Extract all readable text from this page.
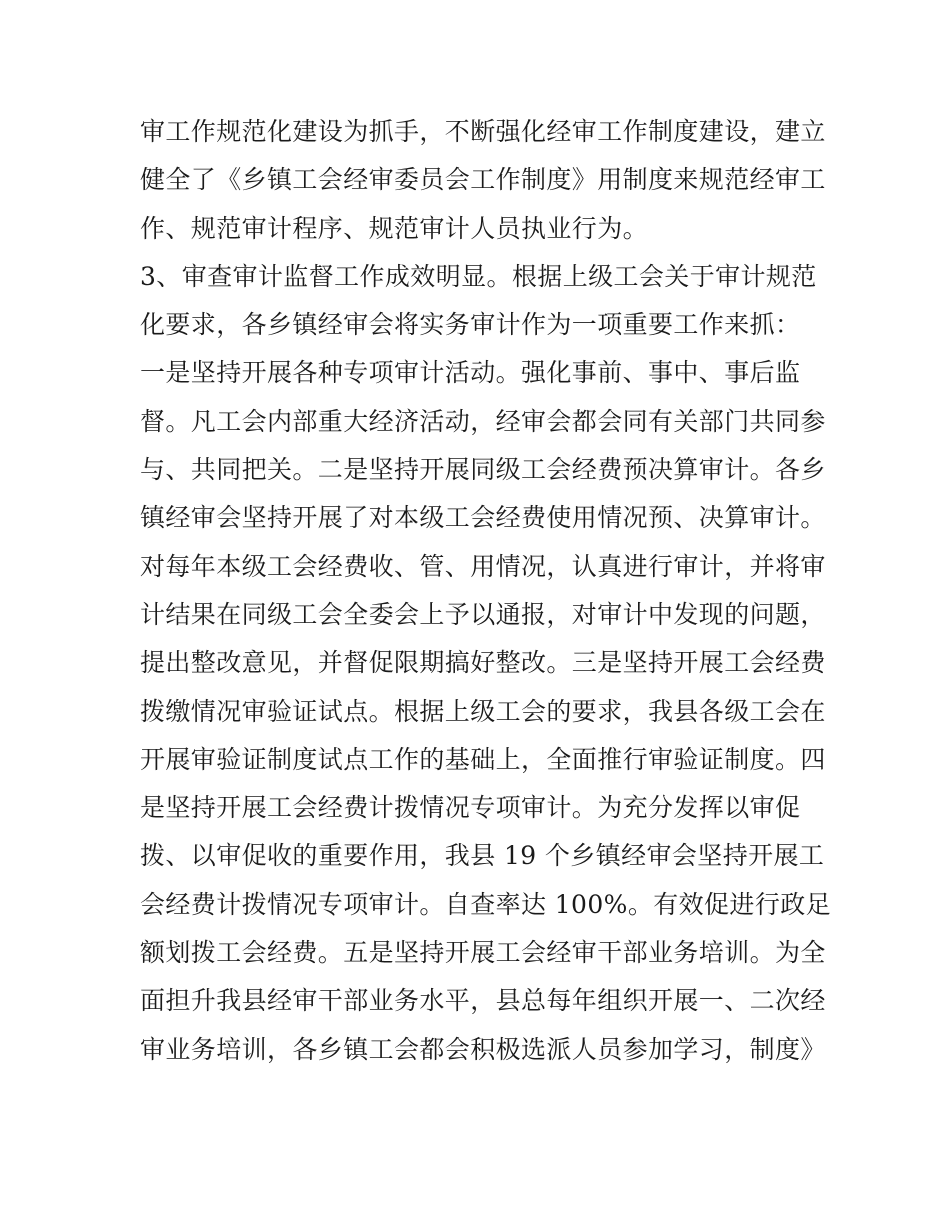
审工作规范化建设为抓手，不断强化经审工作制度建设，建立

健全了《乡镇工会经审委员会工作制度》用制度来规范经审工

作、规范审计程序、规范审计人员执业行为。

3、审查审计监督工作成效明显。根据上级工会关于审计规范

化要求，各乡镇经审会将实务审计作为一项重要工作来抓：

一是坚持开展各种专项审计活动。强化事前、事中、事后监

督。凡工会内部重大经济活动，经审会都会同有关部门共同参

与、共同把关。二是坚持开展同级工会经费预决算审计。各乡

镇经审会坚持开展了对本级工会经费使用情况预、决算审计。

对每年本级工会经费收、管、用情况，认真进行审计，并将审

计结果在同级工会全委会上予以通报，对审计中发现的问题，

提出整改意见，并督促限期搞好整改。三是坚持开展工会经费

拨缴情况审验证试点。根据上级工会的要求，我县各级工会在

开展审验证制度试点工作的基础上，全面推行审验证制度。四

是坚持开展工会经费计拨情况专项审计。为充分发挥以审促

拨、以审促收的重要作用，我县 19 个乡镇经审会坚持开展工

会经费计拨情况专项审计。自查率达 100%。有效促进行政足

额划拨工会经费。五是坚持开展工会经审干部业务培训。为全

面担升我县经审干部业务水平，县总每年组织开展一、二次经

审业务培训，各乡镇工会都会积极选派人员参加学习，制度》
